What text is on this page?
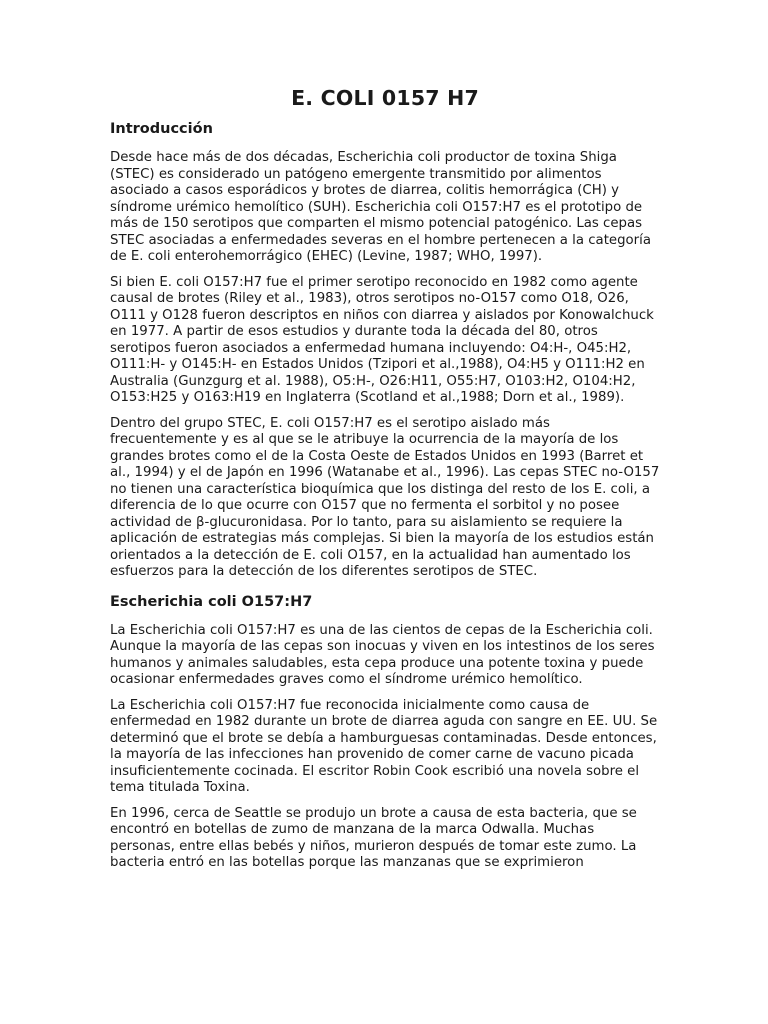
E. COLI 0157 H7
Introducción

Desde hace más de dos décadas, Escherichia coli productor de toxina Shiga (STEC) es considerado un patógeno emergente transmitido por alimentos asociado a casos esporádicos y brotes de diarrea, colitis hemorrágica (CH) y síndrome urémico hemolítico (SUH). Escherichia coli O157:H7 es el prototipo de más de 150 serotipos que comparten el mismo potencial patogénico. Las cepas STEC asociadas a enfermedades severas en el hombre pertenecen a la categoría de E. coli enterohemorrágico (EHEC) (Levine, 1987; WHO, 1997).

Si bien E. coli O157:H7 fue el primer serotipo reconocido en 1982 como agente causal de brotes (Riley et al., 1983), otros serotipos no-O157 como O18, O26, O111 y O128 fueron descriptos en niños con diarrea y aislados por Konowalchuck en 1977. A partir de esos estudios y durante toda la década del 80, otros serotipos fueron asociados a enfermedad humana incluyendo: O4:H-, O45:H2, O111:H- y O145:H- en Estados Unidos (Tzipori et al.,1988), O4:H5 y O111:H2 en Australia (Gunzgurg et al. 1988), O5:H-, O26:H11, O55:H7, O103:H2, O104:H2, O153:H25 y O163:H19 en Inglaterra (Scotland et al.,1988; Dorn et al., 1989).

Dentro del grupo STEC, E. coli O157:H7 es el serotipo aislado más frecuentemente y es al que se le atribuye la ocurrencia de la mayoría de los grandes brotes como el de la Costa Oeste de Estados Unidos en 1993 (Barret et al., 1994) y el de Japón en 1996 (Watanabe et al., 1996). Las cepas STEC no-O157 no tienen una característica bioquímica que los distinga del resto de los E. coli, a diferencia de lo que ocurre con O157 que no fermenta el sorbitol y no posee actividad de β-glucuronidasa. Por lo tanto, para su aislamiento se requiere la aplicación de estrategias más complejas. Si bien la mayoría de los estudios están orientados a la detección de E. coli O157, en la actualidad han aumentado los esfuerzos para la detección de los diferentes serotipos de STEC.

Escherichia coli O157:H7

La Escherichia coli O157:H7 es una de las cientos de cepas de la Escherichia coli. Aunque la mayoría de las cepas son inocuas y viven en los intestinos de los seres humanos y animales saludables, esta cepa produce una potente toxina y puede ocasionar enfermedades graves como el síndrome urémico hemolítico.

La Escherichia coli O157:H7 fue reconocida inicialmente como causa de enfermedad en 1982 durante un brote de diarrea aguda con sangre en EE. UU. Se determinó que el brote se debía a hamburguesas contaminadas. Desde entonces, la mayoría de las infecciones han provenido de comer carne de vacuno picada insuficientemente cocinada. El escritor Robin Cook escribió una novela sobre el tema titulada Toxina.

En 1996, cerca de Seattle se produjo un brote a causa de esta bacteria, que se encontró en botellas de zumo de manzana de la marca Odwalla. Muchas personas, entre ellas bebés y niños, murieron después de tomar este zumo. La bacteria entró en las botellas porque las manzanas que se exprimieron
